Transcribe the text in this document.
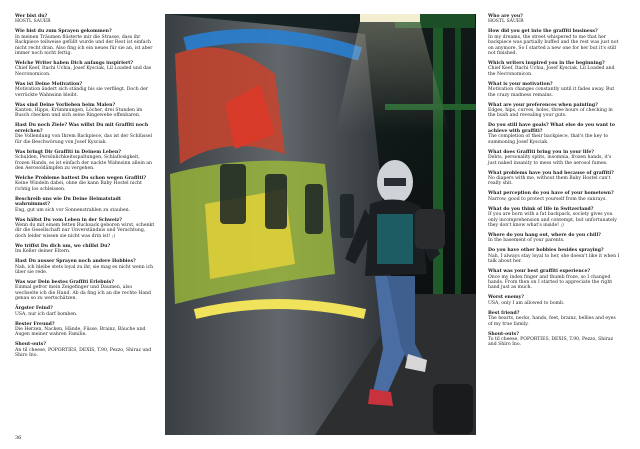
Wer bist du?
HOSTL SAUER
Wie bist du zum Sprayen gekommen?
In meinen Träumen flüsterte mir die Strasse, dass ihr Backpiece teilweise gefüllt wurde und der Rest ist einfach nicht recht dran. Also fing ich ein neues für sie an, ist aber immer noch nicht fertig.
Welche Writer haben Dich anfangs inspiriert?
Chief Keef, Itachi Uchia, Josef Kysciak, Lil Loaded und das Necronomicon.
Was ist Deine Motivation?
Motivation ändert sich ständig bis sie verfliegt. Doch der verrückte Wahnsinn bleibt.
Was sind Deine Vorlieben beim Malen?
Kanten, Hipps, Krümmungen, Löcher, drei Stunden im Busch checken und sich seine Ringewebe offenbaren.
Hast Du noch Ziele? Was willst Du mit Graffiti noch erreichen?
Die Vollendung von Ihrem Backpiece, das ist der Schlüssel für die Beschwörung von Josef Kysciak.
Was bringt Dir Graffiti in Deinem Leben?
Schulden, Persönlichkeitsspaltungen, Schlaflosigkeit, frozen Hands, es ist einfach der nackte Wahnsinn allein an den Aerosoldämpfen zu vergehen.
Welche Probleme hattest Du schon wegen Graffiti?
Keine Windeln dabei, ohne die kann Baby Hostel nicht richtig los schleissen.
Beschreib uns wie Du Deine Heimatstadt wahrnimmst?
Eng, gut um sich vor Sonnenstrahlen zu stauben.
Was hältst Du vom Leben in der Schweiz?
Wenn du mit einem fetten Rucksack geboren wirst, schenkt dir die Gesellschaft nur Unverständnis und Verachtung, doch leider wissen sie nicht was drin ist! ;)
Wo triffst Du dich um, wo chillst Du?
Im Keller deiner Eltern.
Hast Du ausser Sprayen noch andere Hobbies?
Nah, ich bleibe stets loyal zu ihr, sie mag es nicht wenn ich über sie rede.
Was war Dein bestes Graffiti Erlebnis?
Einmal gefror mein Zeigefinger und Daumen, also wechselte ich die Hand. Ab da fing ich an die rechte Hand genau so zu wertschätzen.
Ärgster Feind?
USA, nur ich darf bomben.
Bester Freund?
Die Herzen, Nacken, Hände, Füsse, Brainz, Bäuche und Augen meiner wahren Familie.
Shout-outs?
An til cheese, POPORTIES, DEXIS, T.90, Pezzo, Shiraz und Shiro Ino.
Who are you?
HOSTL SAUER
How did you get into the graffiti business?
In my dreams, the street whispered to me that her backpiece was partially buffed and the rest was just not on anymore. So I started a new one for her but it's still not finished.
Which writers inspired you in the beginning?
Chief Keef, Itachi Uchia, Josef Kysciak, Lil Loaded and the Necronomicon.
What is your motivation?
Motivation changes constantly until it fades away. But the crazy madness remains.
What are your preferences when painting?
Edges, hips, curves, holes, three hours of checking in the bush and revealing your guts.
Do you still have goals? What else do you want to achieve with graffiti?
The completion of their backpiece, that's the key to summoning Josef Kysciak.
What does Graffiti bring you in your life?
Debts, personality splits, insomnia, frozen hands, it's just naked insanity to mess with the aerosol fumes.
What problems have you had because of graffiti?
No diapers with me, without them Baby Hostel can't really shit.
What perception do you have of your hometown?
Narrow, good to protect yourself from the sunrays.
What do you think of life in Switzerland?
If you are born with a fat backpack, society gives you only incomprehension and contempt, but unfortunately they don't know what's inside! ;)
Where do you hang out, where do you chill?
In the basement of your parents.
Do you have other hobbies besides spraying?
Nah, I always stay loyal to her, she doesn't like it when I talk about her.
What was your best graffiti experience?
Once my index finger and thumb froze, so I changed hands. From then on I started to appreciate the right hand just as much.
Worst enemy?
USA, only I am allowed to bomb.
Best friend?
The hearts, necks, hands, feet, brainz, bellies and eyes of my true family.
Shout-outs?
To til cheese, POPORTIES, DEXIS, T.90, Pezzo, Shiraz and Shiro Ino.
36
